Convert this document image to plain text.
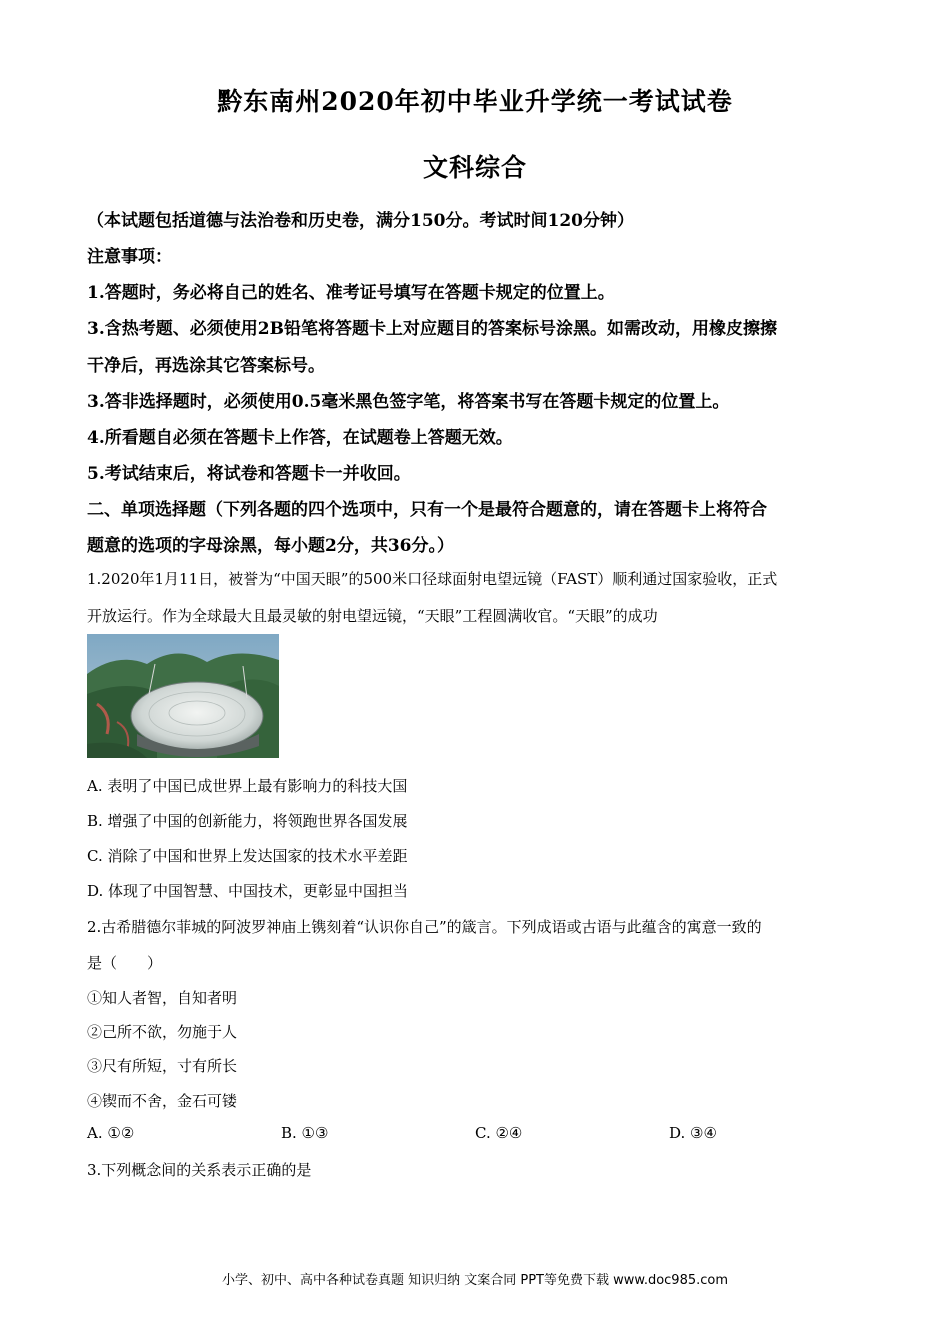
黔东南州2020年初中毕业升学统一考试试卷
文科综合
（本试题包括道德与法治卷和历史卷，满分150分。考试时间120分钟）
注意事项：
1.答题时，务必将自己的姓名、准考证号填写在答题卡规定的位置上。
3.含热考题、必须使用2B铅笔将答题卡上对应题目的答案标号涂黑。如需改动，用橡皮擦擦
干净后，再选涂其它答案标号。
3.答非选择题时，必须使用0.5毫米黑色签字笔，将答案书写在答题卡规定的位置上。
4.所看题自必须在答题卡上作答，在试题卷上答题无效。
5.考试结束后，将试卷和答题卡一并收回。
二、单项选择题（下列各题的四个选项中，只有一个是最符合题意的，请在答题卡上将符合
题意的选项的字母涂黑，每小题2分，共36分。）
1.2020年1月11日，被誉为“中国天眼”的500米口径球面射电望远镜（FAST）顺利通过国家验收，正式
开放运行。作为全球最大且最灵敏的射电望远镜，“天眼”工程圆满收官。“天眼”的成功
A. 表明了中国已成世界上最有影响力的科技大国
B. 增强了中国的创新能力，将领跑世界各国发展
C. 消除了中国和世界上发达国家的技术水平差距
D. 体现了中国智慧、中国技术，更彰显中国担当
2.古希腊德尔菲城的阿波罗神庙上镌刻着“认识你自己”的箴言。下列成语或古语与此蕴含的寓意一致的
是（　　）
①知人者智，自知者明
②己所不欲，勿施于人
③尺有所短，寸有所长
④锲而不舍，金石可镂
A. ①②	B. ①③	C. ②④	D. ③④
3.下列概念间的关系表示正确的是
小学、初中、高中各种试卷真题 知识归纳 文案合同 PPT等免费下载 www.doc985.com
